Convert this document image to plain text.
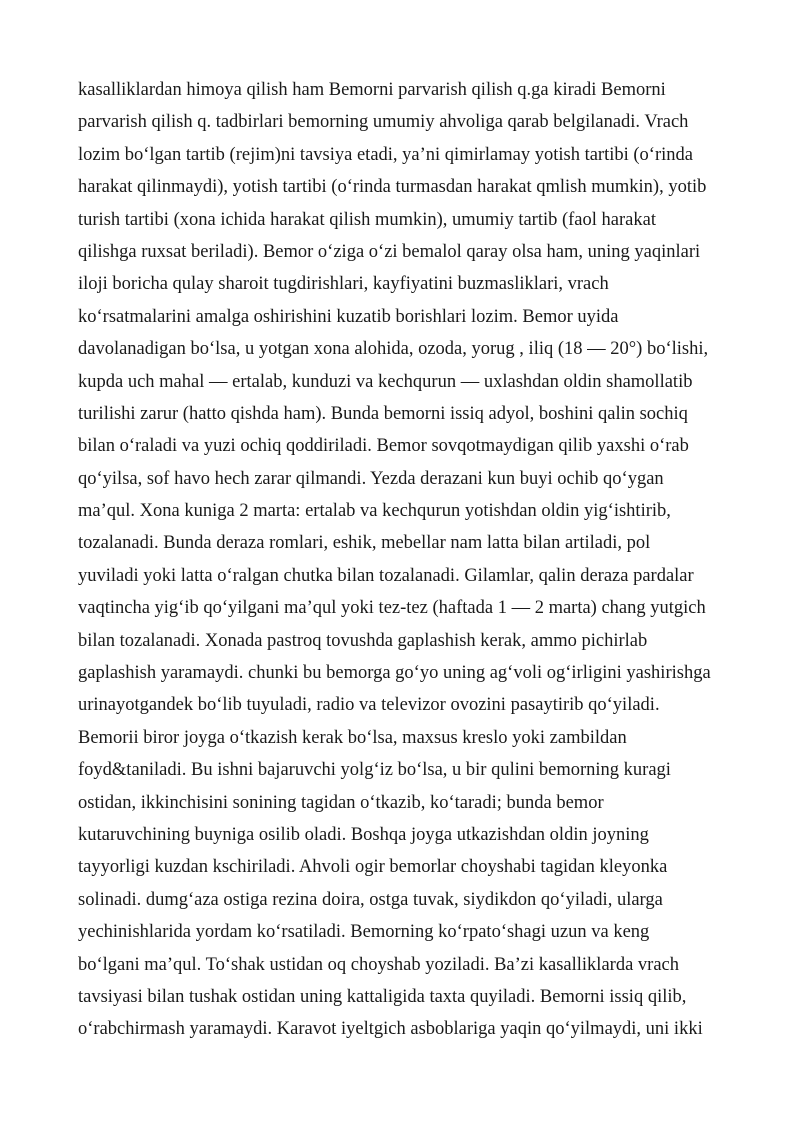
kasalliklardan himoya qilish ham Bemorni parvarish qilish q.ga kiradi Bemorni
parvarish qilish q. tadbirlari bemorning umumiy ahvoliga qarab belgilanadi. Vrach
lozim bo‘lgan tartib (rejim)ni tavsiya etadi, ya’ni qimirlamay yotish tartibi (o‘rinda
harakat qilinmaydi), yotish tartibi (o‘rinda turmasdan harakat qmlish mumkin), yotib
turish tartibi (xona ichida harakat qilish mumkin), umumiy tartib (faol harakat
qilishga ruxsat beriladi). Bemor o‘ziga o‘zi bemalol qaray olsa ham, uning yaqinlari
iloji boricha qulay sharoit tugdirishlari, kayfiyatini buzmasliklari, vrach
ko‘rsatmalarini amalga oshirishini kuzatib borishlari lozim. Bemor uyida
davolanadigan bo‘lsa, u yotgan xona alohida, ozoda, yorug , iliq (18 — 20°) bo‘lishi,
kupda uch mahal — ertalab, kunduzi va kechqurun — uxlashdan oldin shamollatib
turilishi zarur (hatto qishda ham). Bunda bemorni issiq adyol, boshini qalin sochiq
bilan o‘raladi va yuzi ochiq qoddiriladi. Bemor sovqotmaydigan qilib yaxshi o‘rab
qo‘yilsa, sof havo hech zarar qilmandi. Yezda derazani kun buyi ochib qo‘ygan
ma’qul. Xona kuniga 2 marta: ertalab va kechqurun yotishdan oldin yig‘ishtirib,
tozalanadi. Bunda deraza romlari, eshik, mebellar nam latta bilan artiladi, pol
yuviladi yoki latta o‘ralgan chutka bilan tozalanadi. Gilamlar, qalin deraza pardalar
vaqtincha yig‘ib qo‘yilgani ma’qul yoki tez-tez (haftada 1 — 2 marta) chang yutgich
bilan tozalanadi. Xonada pastroq tovushda gaplashish kerak, ammo pichirlab
gaplashish yaramaydi. chunki bu bemorga go‘yo uning ag‘voli og‘irligini yashirishga
urinayotgandek bo‘lib tuyuladi, radio va televizor ovozini pasaytirib qo‘yiladi.
Bemorii biror joyga o‘tkazish kerak bo‘lsa, maxsus kreslo yoki zambildan
foyd&taniladi. Bu ishni bajaruvchi yolg‘iz bo‘lsa, u bir qulini bemorning kuragi
ostidan, ikkinchisini sonining tagidan o‘tkazib, ko‘taradi; bunda bemor
kutaruvchining buyniga osilib oladi. Boshqa joyga utkazishdan oldin joyning
tayyorligi kuzdan kschiriladi. Ahvoli ogir bemorlar choyshabi tagidan kleyonka
solinadi. dumg‘aza ostiga rezina doira, ostga tuvak, siydikdon qo‘yiladi, ularga
yechinishlarida yordam ko‘rsatiladi. Bemorning ko‘rpato‘shagi uzun va keng
bo‘lgani ma’qul. To‘shak ustidan oq choyshab yoziladi. Ba’zi kasalliklarda vrach
tavsiyasi bilan tushak ostidan uning kattaligida taxta quyiladi. Bemorni issiq qilib,
o‘rabchirmash yaramaydi. Karavot iyeltgich asboblariga yaqin qo‘yilmaydi, uni ikki
